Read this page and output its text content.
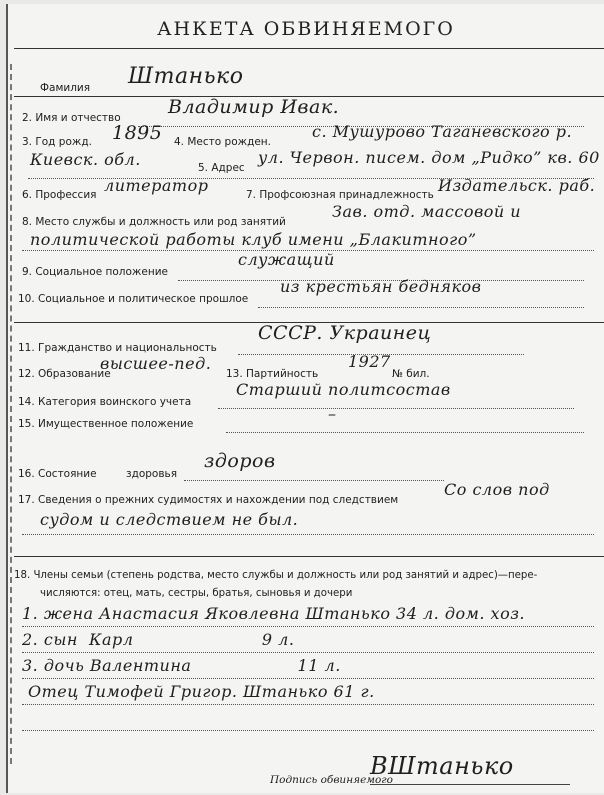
АНКЕТА ОБВИНЯЕМОГО
Фамилия Штанько
2. Имя и отчество Владимир Ивак.
3. Год рожд. 1895 4. Место рожден.
с. Мушурово Таганевского р.
Киевск. обл.	5. Адрес
ул. Червон. писем. дом „Ридко” кв. 60
6. Профессия литератор	7. Профсоюзная принадлежность Издательск. раб.
8. Место службы и должность или род занятий
Зав. отд. массовой и
политической работы клуб имени „Блакитного”
9. Социальное положение
служащий
10. Социальное и политическое прошлое
из крестьян бедняков
11. Гражданство и национальность
СССР. Украинец
12. Образование
высшее-пед.
13. Партийность
1927
№ бил.
14. Категория воинского учета
Старший политсостав
15. Имущественное положение
–
16. Состояние	здоровья
здоров
17. Сведения о прежних судимостях и нахождении под следствием
Со слов под
судом и следствием не был.
18. Члены семьи (степень родства, место службы и должность или род занятий и адрес)—пере-
числяются: отец, мать, сестры, братья, сыновья и дочери
1. жена Анастасия Яковлевна Штанько 34 л. дом. хоз.
2. сын  Карл                       9 л.
3. дочь Валентина                   11 л.
Отец Тимофей Григор. Штанько 61 г.
Подпись обвиняемого
ВШтанько
